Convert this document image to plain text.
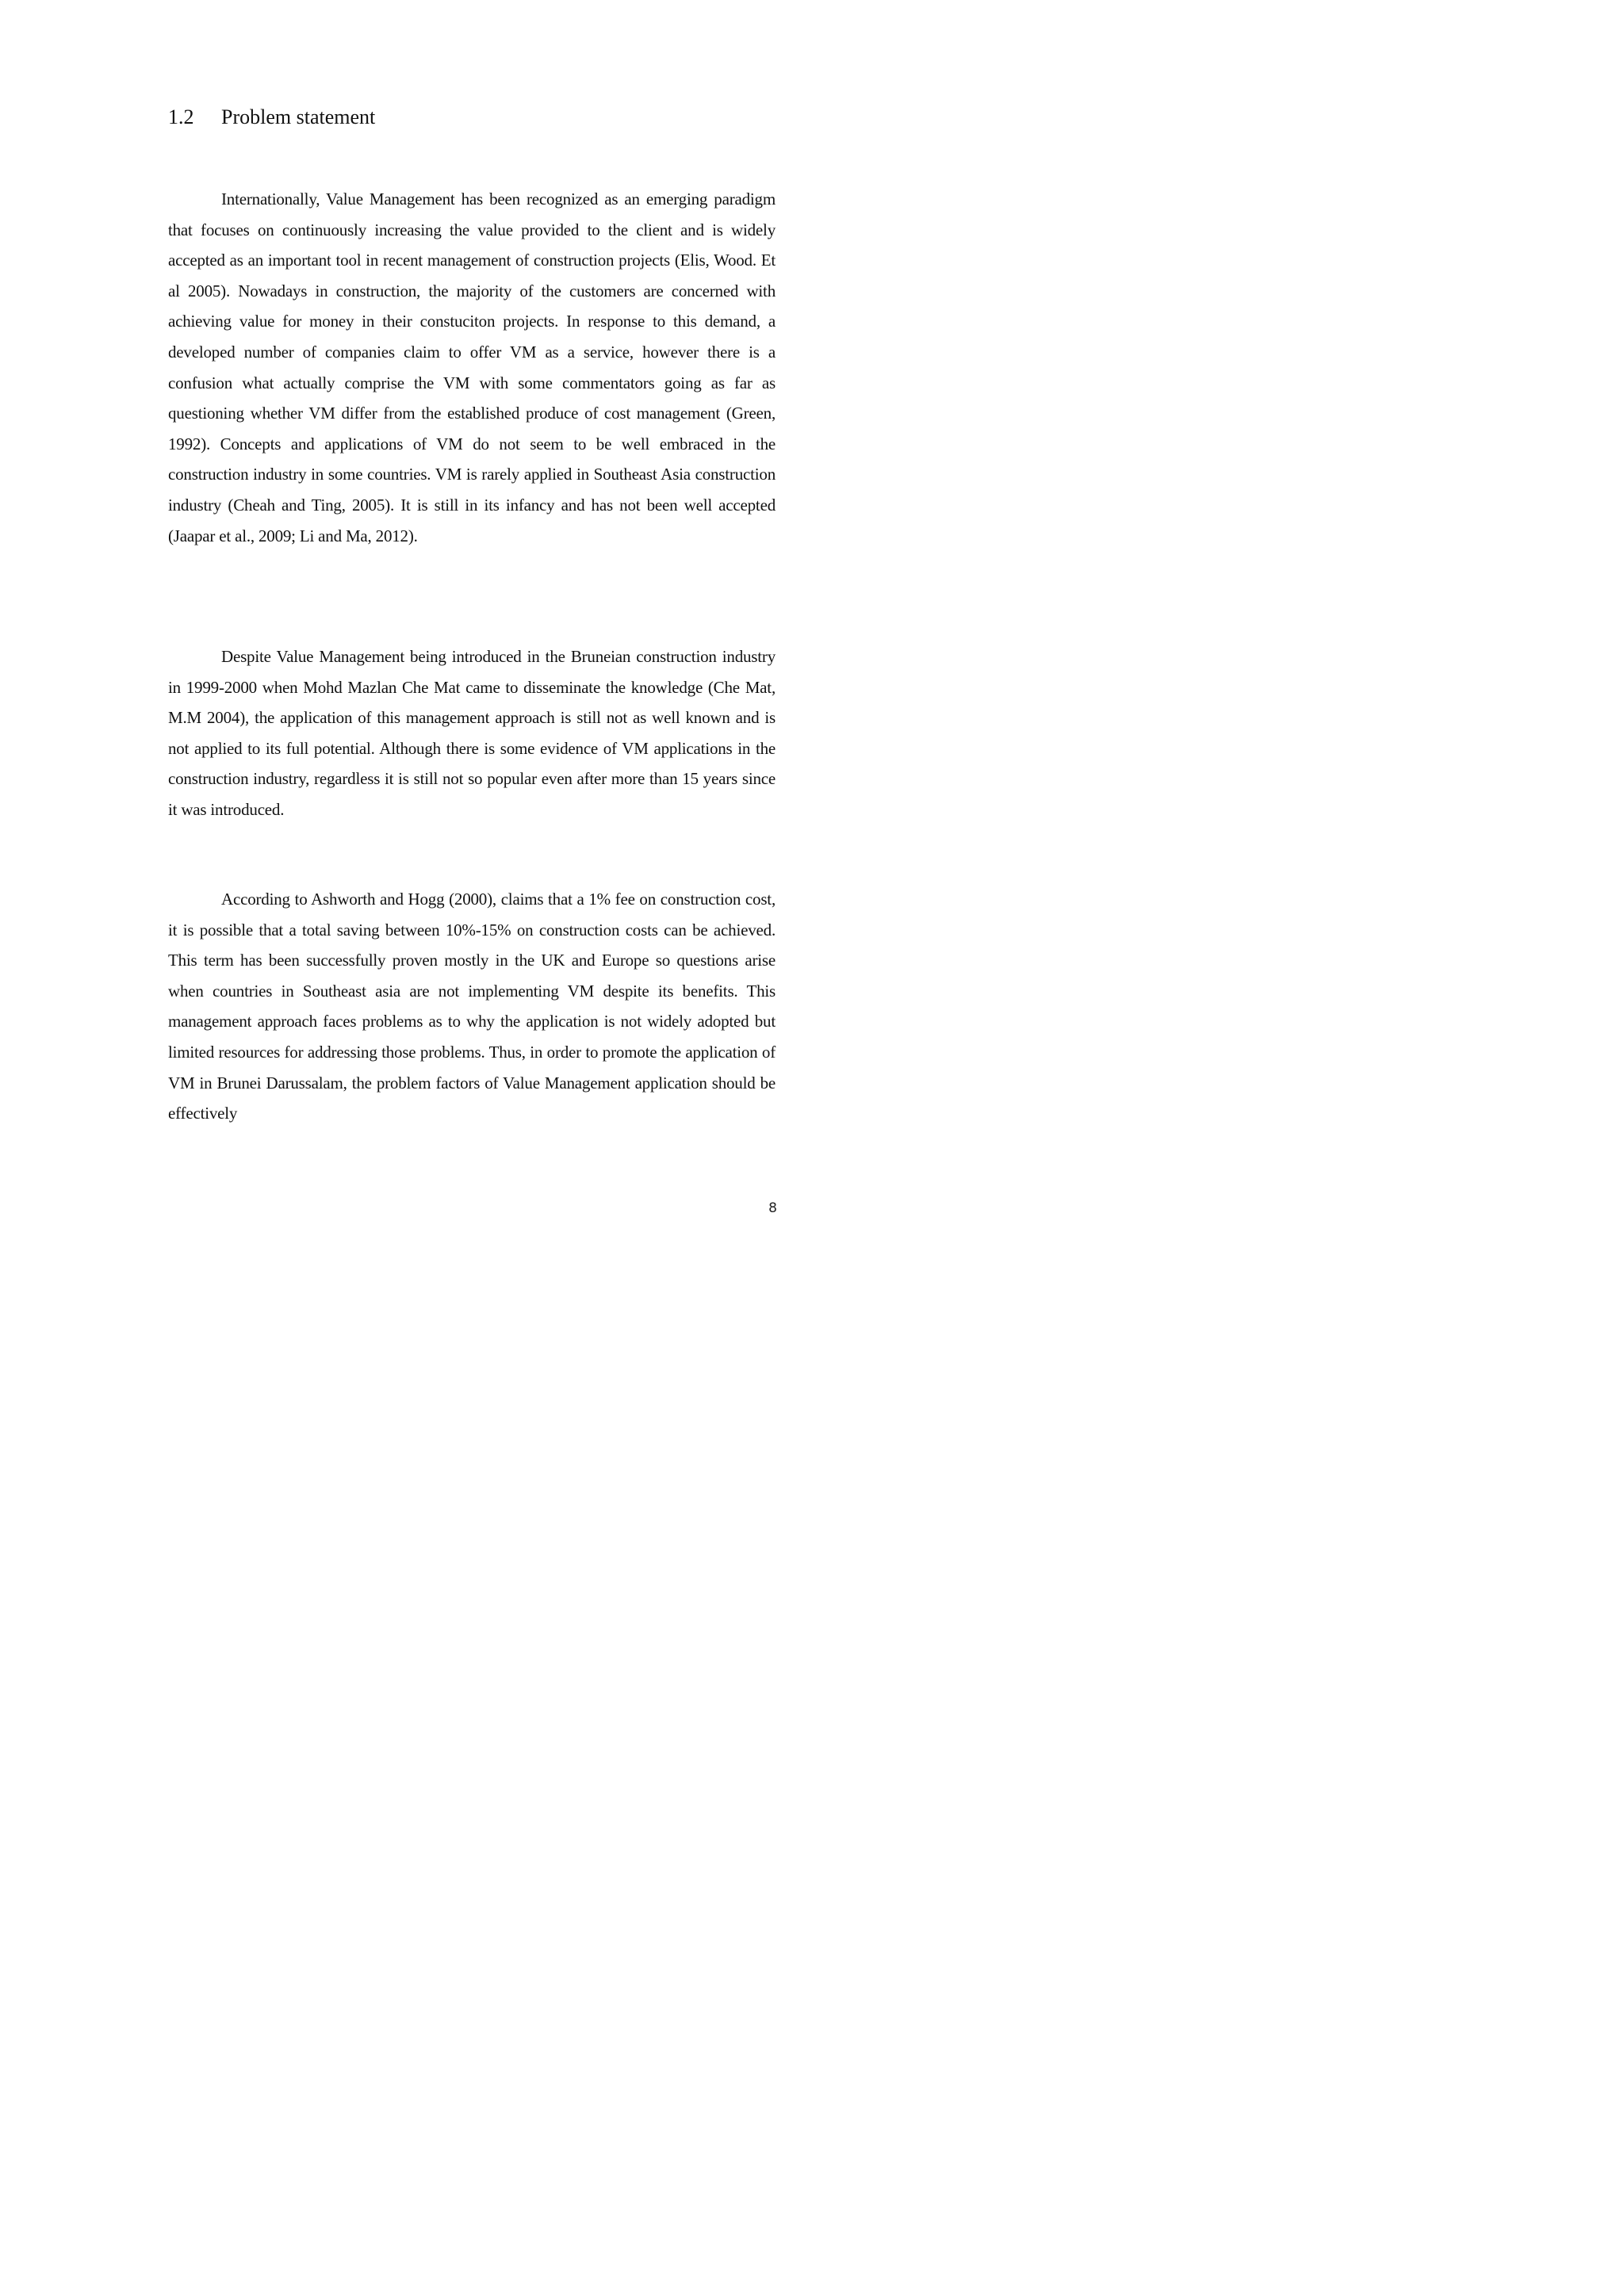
1.2 Problem statement

Internationally, Value Management has been recognized as an emerging paradigm that focuses on continuously increasing the value provided to the client and is widely accepted as an important tool in recent management of construction projects (Elis, Wood. Et al 2005). Nowadays in construction, the majority of the customers are concerned with achieving value for money in their constuciton projects. In response to this demand, a developed number of companies claim to offer VM as a service, however there is a confusion what actually comprise the VM with some commentators going as far as questioning whether VM differ from the established produce of cost management (Green, 1992). Concepts and applications of VM do not seem to be well embraced in the construction industry in some countries. VM is rarely applied in Southeast Asia construction industry (Cheah and Ting, 2005). It is still in its infancy and has not been well accepted (Jaapar et al., 2009; Li and Ma, 2012).

Despite Value Management being introduced in the Bruneian construction industry in 1999-2000 when Mohd Mazlan Che Mat came to disseminate the knowledge (Che Mat, M.M 2004), the application of this management approach is still not as well known and is not applied to its full potential. Although there is some evidence of VM applications in the construction industry, regardless it is still not so popular even after more than 15 years since it was introduced.

According to Ashworth and Hogg (2000), claims that a 1% fee on construction cost, it is possible that a total saving between 10%-15% on construction costs can be achieved. This term has been successfully proven mostly in the UK and Europe so questions arise when countries in Southeast asia are not implementing VM despite its benefits. This management approach faces problems as to why the application is not widely adopted but limited resources for addressing those problems. Thus, in order to promote the application of VM in Brunei Darussalam, the problem factors of Value Management application should be effectively

8
